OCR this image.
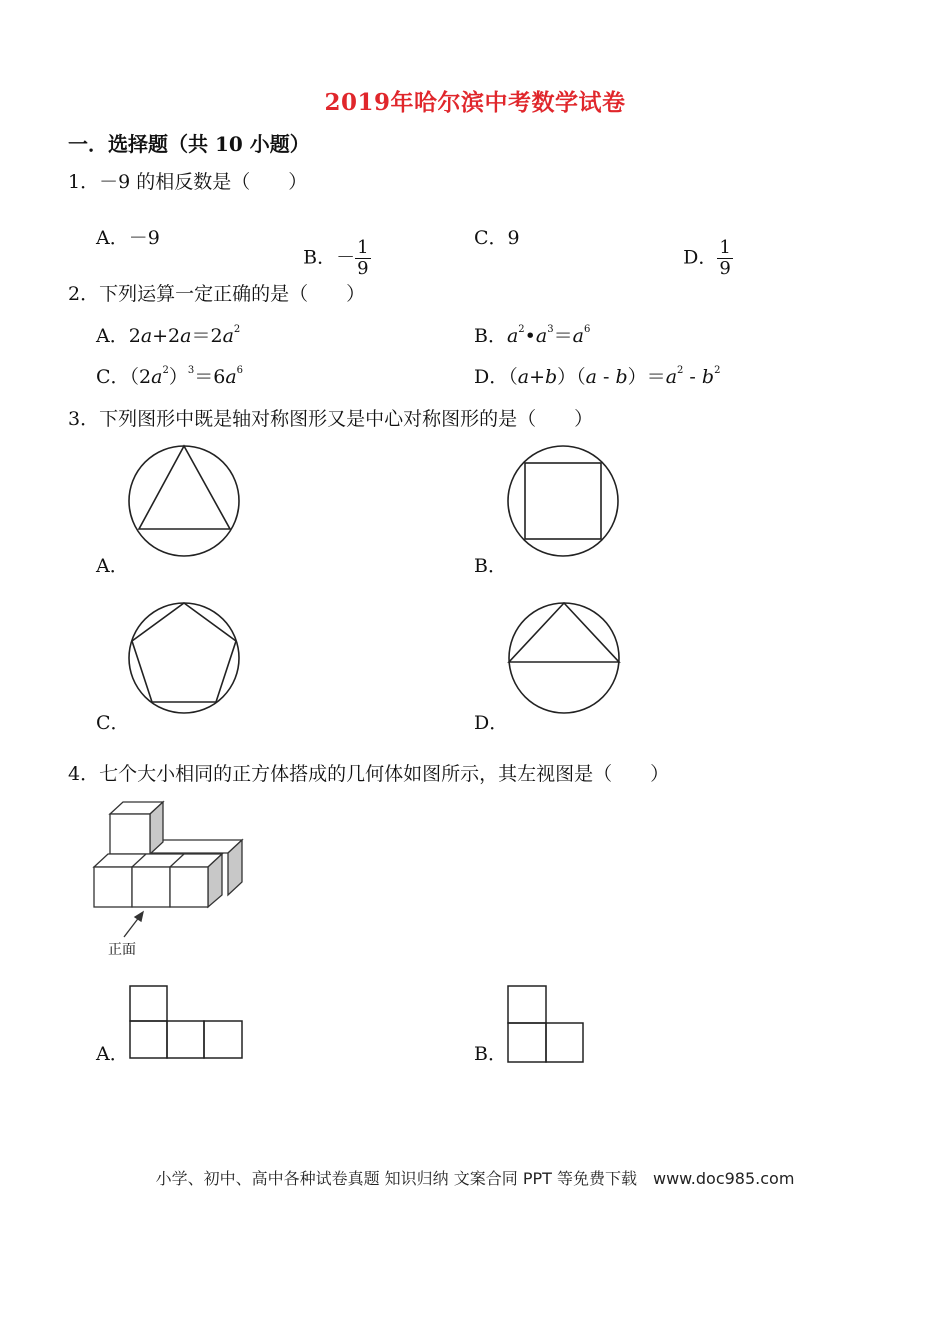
2019年哈尔滨中考数学试卷
一．选择题（共 10 小题）
1．－9 的相反数是（　　）
A．－9

B．－ $\frac{1}{9}$

	C．9

D． $\frac{1}{9}$

2．下列运算一定正确的是（　　）
A．$2a+2a=2a^2$	B．$a^2•a^3=a^6$
C．$(2a^2)^3=6a^6$	D．$(a+b)(a - b)=a^2 - b^2$
3．下列图形中既是轴对称图形又是中心对称图形的是（　　）
A．	B．
C．	D．
4．七个大小相同的正方体搭成的几何体如图所示，其左视图是（　　）
正面
A．	B．
小学、初中、高中各种试卷真题 知识归纳 文案合同 PPT 等免费下载　www.doc985.com
